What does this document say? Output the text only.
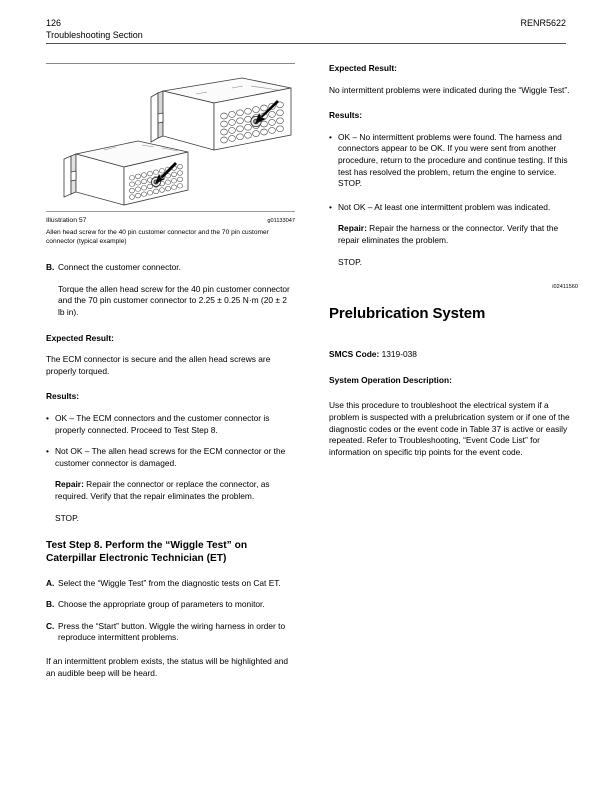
126
Troubleshooting Section
RENR5622
Illustration 57	g01133047

Allen head screw for the 40 pin customer connector and the 70 pin customer connector (typical example)

B. Connect the customer connector.

Torque the allen head screw for the 40 pin customer connector and the 70 pin customer connector to 2.25 ± 0.25 N·m (20 ± 2 lb in).

Expected Result:

The ECM connector is secure and the allen head screws are properly torqued.

Results:

• OK – The ECM connectors and the customer connector is properly connected. Proceed to Test Step 8.
• Not OK – The allen head screws for the ECM connector or the customer connector is damaged.

Repair: Repair the connector or replace the connector, as required. Verify that the repair eliminates the problem.

STOP.

Test Step 8. Perform the “Wiggle Test” on Caterpillar Electronic Technician (ET)

A. Select the “Wiggle Test” from the diagnostic tests on Cat ET.
B. Choose the appropriate group of parameters to monitor.
C. Press the “Start” button. Wiggle the wiring harness in order to reproduce intermittent problems.

If an intermittent problem exists, the status will be highlighted and an audible beep will be heard.

Expected Result:

No intermittent problems were indicated during the “Wiggle Test”.

Results:

• OK – No intermittent problems were found. The harness and connectors appear to be OK. If you were sent from another procedure, return to the procedure and continue testing. If this test has resolved the problem, return the engine to service. STOP.
• Not OK – At least one intermittent problem was indicated.

Repair: Repair the harness or the connector. Verify that the repair eliminates the problem.

STOP.

i02411560

Prelubrication System

SMCS Code: 1319-038

System Operation Description:

Use this procedure to troubleshoot the electrical system if a problem is suspected with a prelubrication system or if one of the diagnostic codes or the event code in Table 37 is active or easily repeated. Refer to Troubleshooting, “Event Code List” for information on specific trip points for the event code.
